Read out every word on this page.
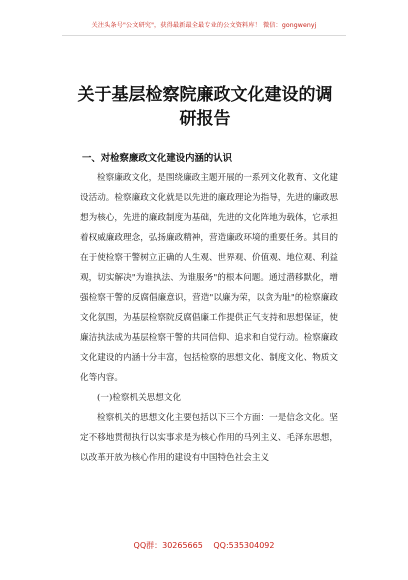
关注头条号"公文研究"，获得最新最全最专业的公文资料库！ 微信：gongwenyj
关于基层检察院廉政文化建设的调研报告
一、对检察廉政文化建设内涵的认识

检察廉政文化，是围绕廉政主题开展的一系列文化教育、文化建设活动。检察廉政文化就是以先进的廉政理论为指导，先进的廉政思想为核心，先进的廉政制度为基础，先进的文化阵地为载体，它承担着权威廉政理念，弘扬廉政精神，营造廉政环境的重要任务。其目的在于使检察干警树立正确的人生观、世界观、价值观、地位观、利益观，切实解决"为谁执法、为谁服务"的根本问题。通过潜移默化，增强检察干警的反腐倡廉意识，营造"以廉为荣，以贪为耻"的检察廉政文化氛围，为基层检察院反腐倡廉工作提供正气支持和思想保证，使廉洁执法成为基层检察干警的共同信仰、追求和自觉行动。检察廉政文化建设的内涵十分丰富，包括检察的思想文化、制度文化、物质文化等内容。

(一)检察机关思想文化

检察机关的思想文化主要包括以下三个方面：一是信念文化。坚定不移地贯彻执行以实事求是为核心作用的马列主义、毛泽东思想，以改革开放为核心作用的建设有中国特色社会主义

QQ群：30265665 QQ:535304092
